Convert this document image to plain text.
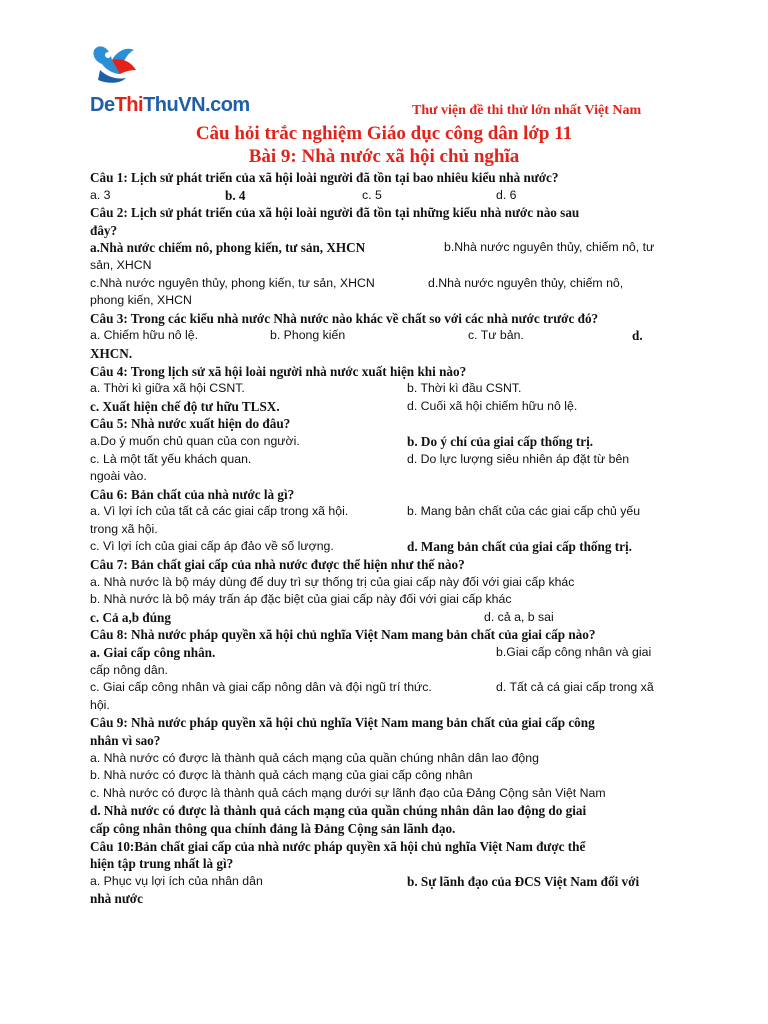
DeThiThuVN.com	Thư viện đề thi thử lớn nhất Việt Nam
Câu hỏi trắc nghiệm Giáo dục công dân lớp 11
Bài 9: Nhà nước xã hội chủ nghĩa
Câu 1: Lịch sử phát triển của xã hội loài người đã tồn tại bao nhiêu kiểu nhà nước?
a. 3	b. 4	c. 5	d. 6
Câu 2: Lịch sử phát triển của xã hội loài người đã tồn tại những kiểu nhà nước nào sau
đây?
a.Nhà nước chiếm nô, phong kiến, tư sản, XHCN	b.Nhà nước nguyên thủy, chiếm nô, tư
sản, XHCN
c.Nhà nước nguyên thủy, phong kiến, tư sản, XHCN	d.Nhà nước nguyên thủy, chiếm nô,
phong kiến, XHCN
Câu 3: Trong các kiểu nhà nước Nhà nước nào khác về chất so với các nhà nước trước đó?
a. Chiếm hữu nô lệ.	b. Phong kiến	c. Tư bản.	d.
XHCN.
Câu 4: Trong lịch sử xã hội loài người nhà nước xuất hiện khi nào?
a. Thời kì giữa xã hội CSNT.	b. Thời kì đầu CSNT.
c. Xuất hiện chế độ tư hữu TLSX.	d. Cuối xã hội chiếm hữu nô lệ.
Câu 5: Nhà nước xuất hiện do đâu?
a.Do ý muốn chủ quan của con người.	b. Do ý chí của giai cấp thống trị.
c. Là một tất yếu khách quan.	d. Do lực lượng siêu nhiên áp đặt từ bên
ngoài vào.
Câu 6: Bản chất của nhà nước là gì?
a. Vì lợi ích của tất cả các giai cấp trong xã hội.	b. Mang bản chất của các giai cấp chủ yếu
trong xã hội.
c. Vì lợi ích của giai cấp áp đảo về số lượng.	d. Mang bản chất của giai cấp thống trị.
Câu 7: Bản chất giai cấp của nhà nước được thể hiện như thế nào?
a. Nhà nước là bộ máy dùng để duy trì sự thống trị của giai cấp này đối với giai cấp khác
b. Nhà nước là bộ máy trấn áp đặc biệt của giai cấp này đối với giai cấp khác
c. Cả a,b đúng	d. cả a, b sai
Câu 8: Nhà nước pháp quyền xã hội chủ nghĩa Việt Nam mang bản chất của giai cấp nào?
a. Giai cấp công nhân.	b.Giai cấp công nhân và giai
cấp nông dân.
c. Giai cấp công nhân và giai cấp nông dân và đội ngũ trí thức.	d. Tất cả cá giai cấp trong xã
hội.
Câu 9: Nhà nước pháp quyền xã hội chủ nghĩa Việt Nam mang bản chất của giai cấp công
nhân vì sao?
a. Nhà nước có được là thành quả cách mạng của quần chúng nhân dân lao động
b. Nhà nước có được là thành quả cách mạng của giai cấp công nhân
c. Nhà nước có được là thành quả cách mạng dưới sự lãnh đạo của Đảng Cộng sản Việt Nam
d. Nhà nước có được là thành quả cách mạng của quần chúng nhân dân lao động do giai
cấp công nhân thông qua chính đảng là Đảng Cộng sản lãnh đạo.
Câu 10:Bản chất giai cấp của nhà nước pháp quyền xã hội chủ nghĩa Việt Nam được thể
hiện tập trung nhất là gì?
a. Phục vụ lợi ích của nhân dân	b. Sự lãnh đạo của ĐCS Việt Nam đối với
nhà nước
